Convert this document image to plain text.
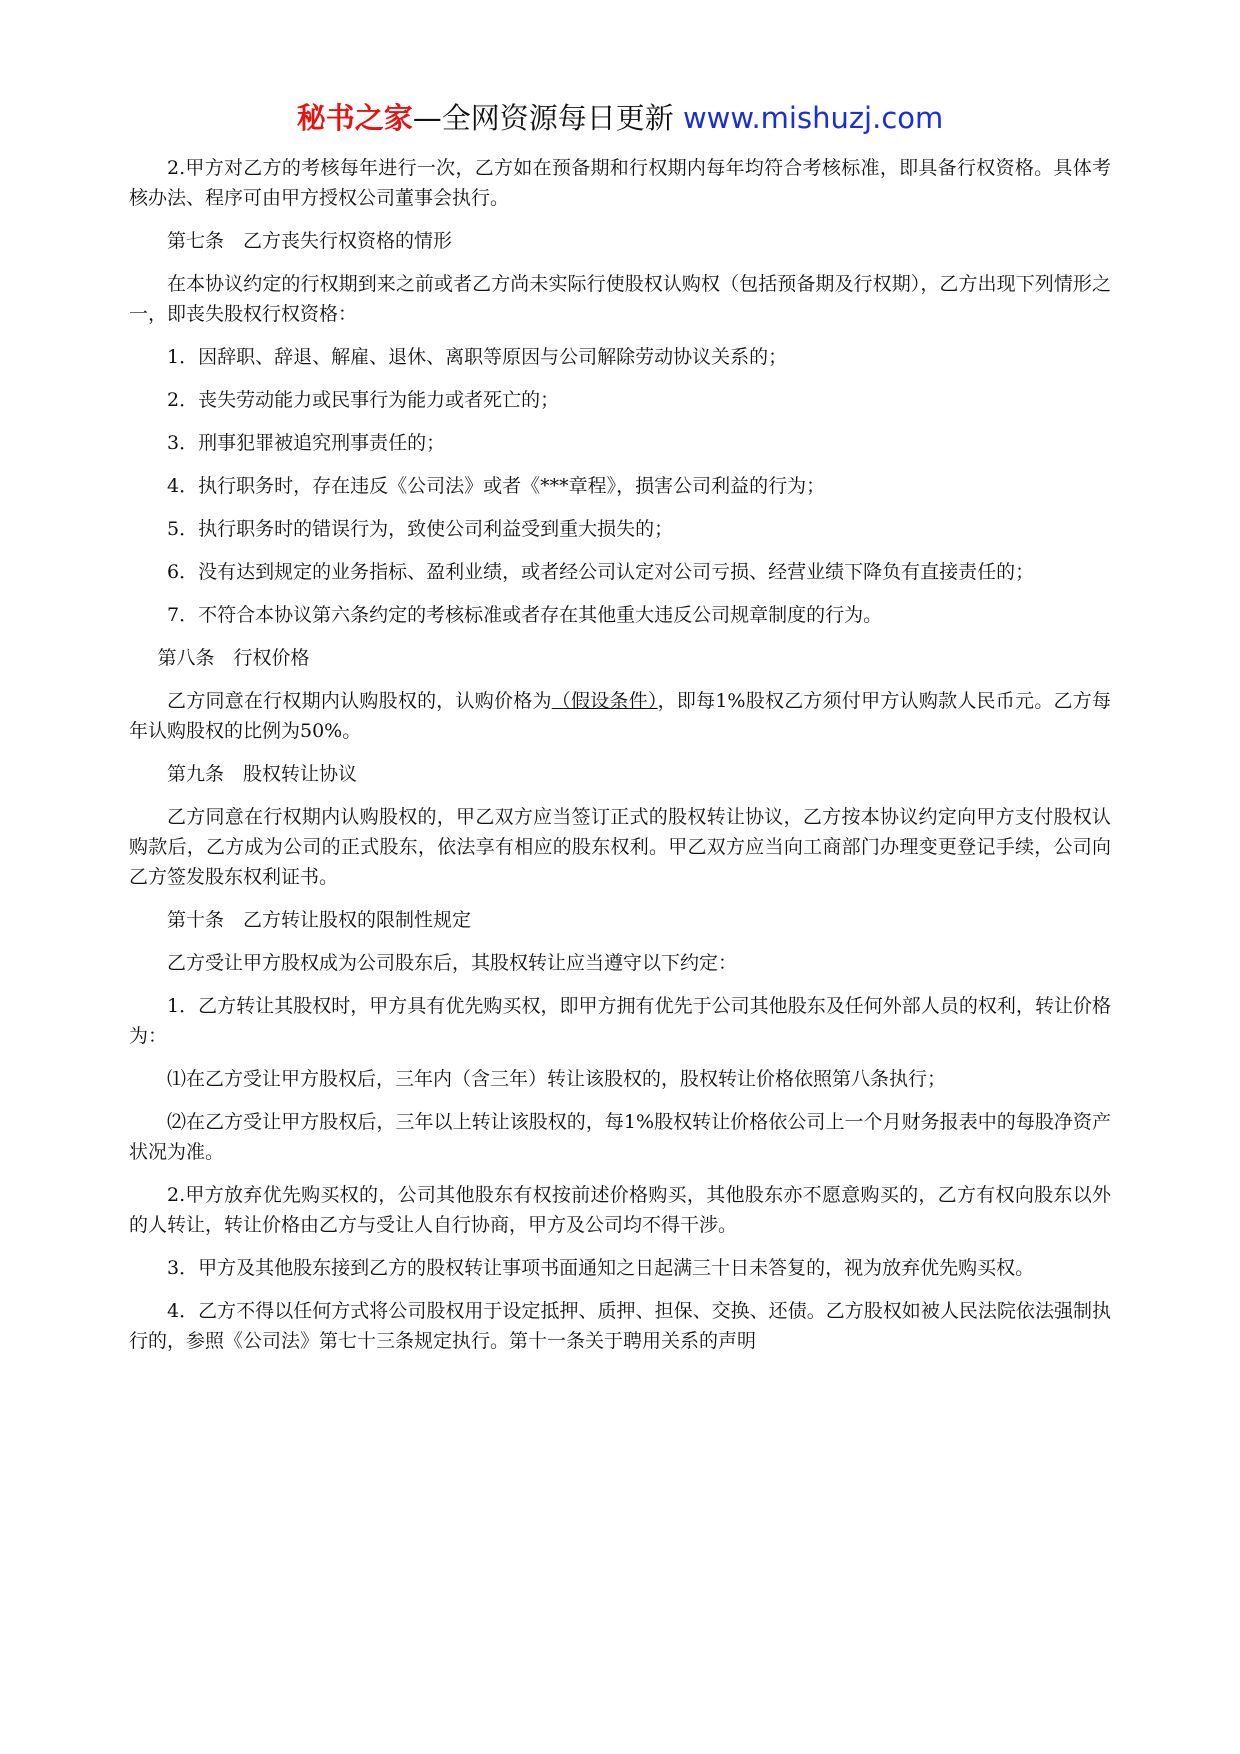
秘书之家—全网资源每日更新 www.mishuzj.com

2.甲方对乙方的考核每年进行一次，乙方如在预备期和行权期内每年均符合考核标准，即具备行权资格。具体考核办法、程序可由甲方授权公司董事会执行。

第七条　乙方丧失行权资格的情形

在本协议约定的行权期到来之前或者乙方尚未实际行使股权认购权（包括预备期及行权期），乙方出现下列情形之一，即丧失股权行权资格：

1．因辞职、辞退、解雇、退休、离职等原因与公司解除劳动协议关系的；

2．丧失劳动能力或民事行为能力或者死亡的；

3．刑事犯罪被追究刑事责任的；

4．执行职务时，存在违反《公司法》或者《***章程》，损害公司利益的行为；

5．执行职务时的错误行为，致使公司利益受到重大损失的；

6．没有达到规定的业务指标、盈利业绩，或者经公司认定对公司亏损、经营业绩下降负有直接责任的；

7．不符合本协议第六条约定的考核标准或者存在其他重大违反公司规章制度的行为。

第八条　行权价格

乙方同意在行权期内认购股权的，认购价格为（假设条件），即每1%股权乙方须付甲方认购款人民币元。乙方每年认购股权的比例为50%。

第九条　股权转让协议

乙方同意在行权期内认购股权的，甲乙双方应当签订正式的股权转让协议，乙方按本协议约定向甲方支付股权认购款后，乙方成为公司的正式股东，依法享有相应的股东权利。甲乙双方应当向工商部门办理变更登记手续，公司向乙方签发股东权利证书。

第十条　乙方转让股权的限制性规定

乙方受让甲方股权成为公司股东后，其股权转让应当遵守以下约定：

1．乙方转让其股权时，甲方具有优先购买权，即甲方拥有优先于公司其他股东及任何外部人员的权利，转让价格为：

⑴在乙方受让甲方股权后，三年内（含三年）转让该股权的，股权转让价格依照第八条执行；

⑵在乙方受让甲方股权后，三年以上转让该股权的，每1%股权转让价格依公司上一个月财务报表中的每股净资产状况为准。

2.甲方放弃优先购买权的，公司其他股东有权按前述价格购买，其他股东亦不愿意购买的，乙方有权向股东以外的人转让，转让价格由乙方与受让人自行协商，甲方及公司均不得干涉。

3．甲方及其他股东接到乙方的股权转让事项书面通知之日起满三十日未答复的，视为放弃优先购买权。

4．乙方不得以任何方式将公司股权用于设定抵押、质押、担保、交换、还债。乙方股权如被人民法院依法强制执行的，参照《公司法》第七十三条规定执行。第十一条关于聘用关系的声明
